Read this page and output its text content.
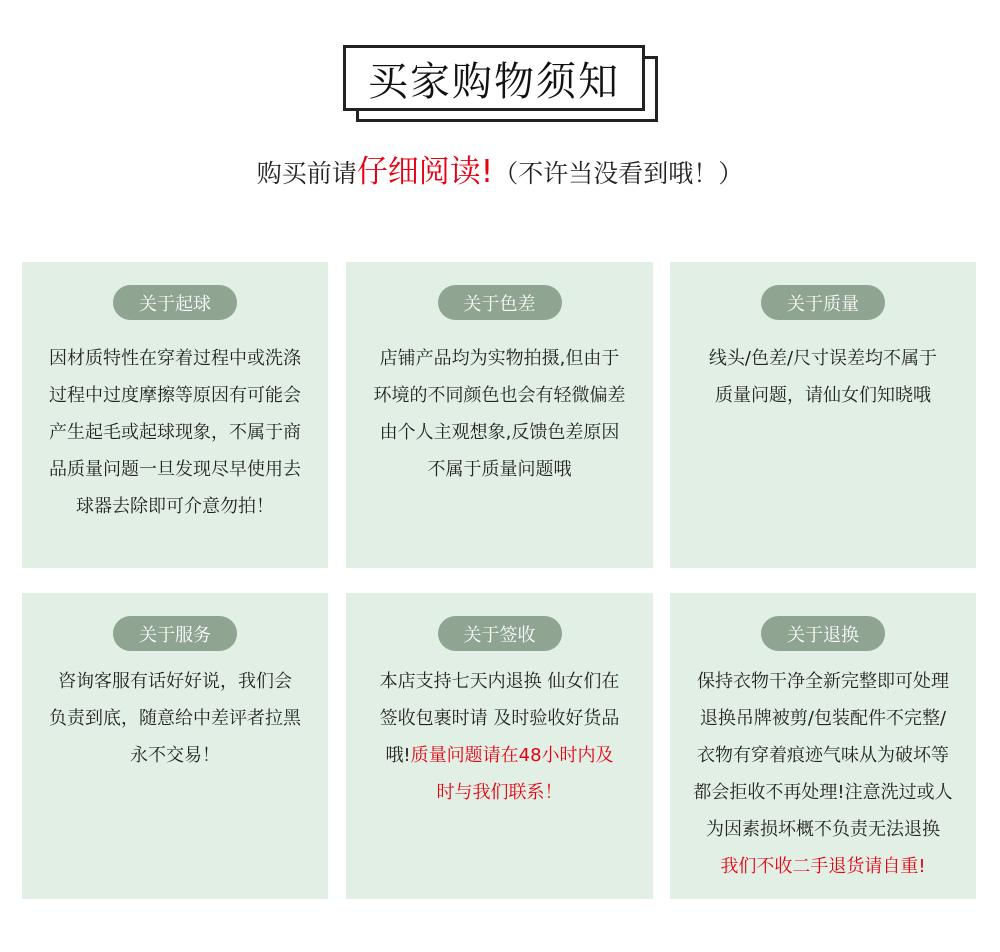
买家购物须知
购买前请仔细阅读!（不许当没看到哦！）
关于起球
因材质特性在穿着过程中或洗涤
过程中过度摩擦等原因有可能会
产生起毛或起球现象，不属于商
品质量问题一旦发现尽早使用去
球器去除即可介意勿拍！
关于色差
店铺产品均为实物拍摄,但由于
环境的不同颜色也会有轻微偏差
由个人主观想象,反馈色差原因
不属于质量问题哦
关于质量
线头/色差/尺寸误差均不属于
质量问题，请仙女们知晓哦
关于服务
咨询客服有话好好说，我们会
负责到底，随意给中差评者拉黑
永不交易！
关于签收
本店支持七天内退换 仙女们在
签收包裹时请 及时验收好货品
哦!质量问题请在48小时内及
时与我们联系！
关于退换
保持衣物干净全新完整即可处理
退换吊牌被剪/包装配件不完整/
衣物有穿着痕迹气味从为破坏等
都会拒收不再处理!注意洗过或人
为因素损坏概不负责无法退换
我们不收二手退货请自重!
